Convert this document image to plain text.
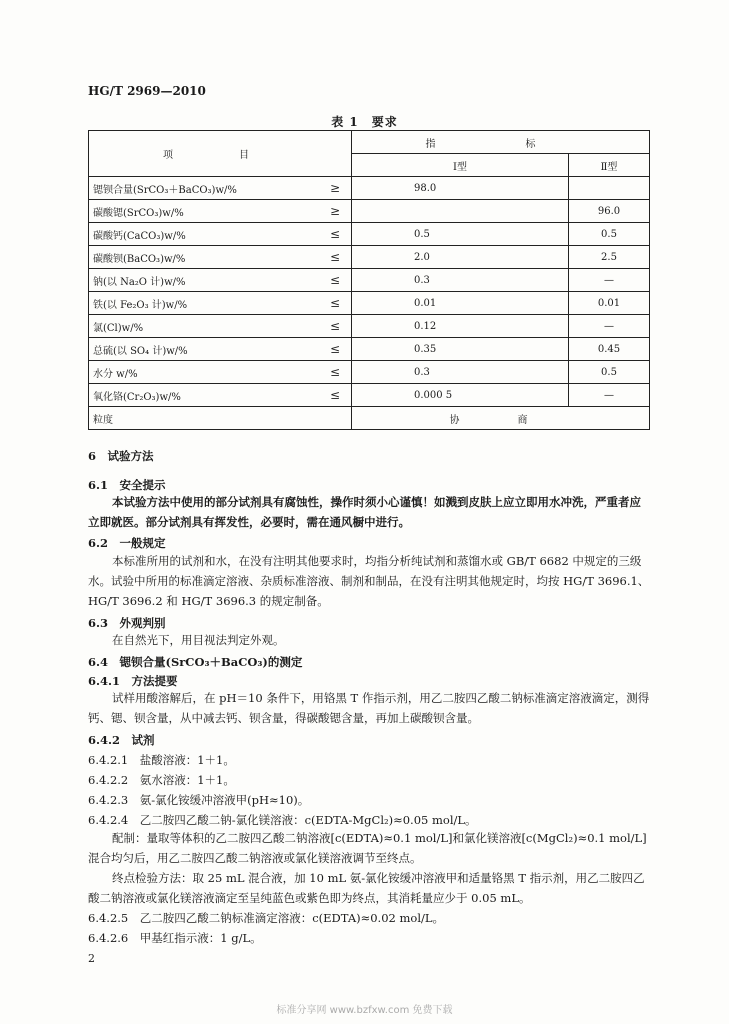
HG/T 2969—2010
表 1　要求
项　目		指　标	
		Ⅰ型	Ⅱ型
锶钡合量(SrCO₃＋BaCO₃)w/%	≥	98.0	
碳酸锶(SrCO₃)w/%	≥		96.0
碳酸钙(CaCO₃)w/%	≤	0.5	0.5
碳酸钡(BaCO₃)w/%	≤	2.0	2.5
钠(以 Na₂O 计)w/%	≤	0.3	—
铁(以 Fe₂O₃ 计)w/%	≤	0.01	0.01
氯(Cl)w/%	≤	0.12	—
总硫(以 SO₄ 计)w/%	≤	0.35	0.45
水分 w/%	≤	0.3	0.5
氧化铬(Cr₂O₃)w/%	≤	0.000 5	—
粒度		协　商	
6　试验方法
6.1　安全提示
本试验方法中使用的部分试剂具有腐蚀性，操作时须小心谨慎！如溅到皮肤上应立即用水冲洗，严重者应立即就医。部分试剂具有挥发性，必要时，需在通风橱中进行。
6.2　一般规定
本标准所用的试剂和水，在没有注明其他要求时，均指分析纯试剂和蒸馏水或 GB/T 6682 中规定的三级水。试验中所用的标准滴定溶液、杂质标准溶液、制剂和制品，在没有注明其他规定时，均按 HG/T 3696.1、HG/T 3696.2 和 HG/T 3696.3 的规定制备。
6.3　外观判别
在自然光下，用目视法判定外观。
6.4　锶钡合量(SrCO₃＋BaCO₃)的测定
6.4.1　方法提要
试样用酸溶解后，在 pH＝10 条件下，用铬黑 T 作指示剂，用乙二胺四乙酸二钠标准滴定溶液滴定，测得钙、锶、钡含量，从中减去钙、钡含量，得碳酸锶含量，再加上碳酸钡含量。
6.4.2　试剂
6.4.2.1　盐酸溶液：1＋1。
6.4.2.2　氨水溶液：1＋1。
6.4.2.3　氨-氯化铵缓冲溶液甲(pH≈10)。
6.4.2.4　乙二胺四乙酸二钠-氯化镁溶液：c(EDTA-MgCl₂)≈0.05 mol/L。
配制：量取等体积的乙二胺四乙酸二钠溶液[c(EDTA)≈0.1 mol/L]和氯化镁溶液[c(MgCl₂)≈0.1 mol/L]混合均匀后，用乙二胺四乙酸二钠溶液或氯化镁溶液调节至终点。
终点检验方法：取 25 mL 混合液，加 10 mL 氨-氯化铵缓冲溶液甲和适量铬黑 T 指示剂，用乙二胺四乙酸二钠溶液或氯化镁溶液滴定至呈纯蓝色或紫色即为终点，其消耗量应少于 0.05 mL。
6.4.2.5　乙二胺四乙酸二钠标准滴定溶液：c(EDTA)≈0.02 mol/L。
6.4.2.6　甲基红指示液：1 g/L。
2
标准分享网 www.bzfxw.com 免费下载
